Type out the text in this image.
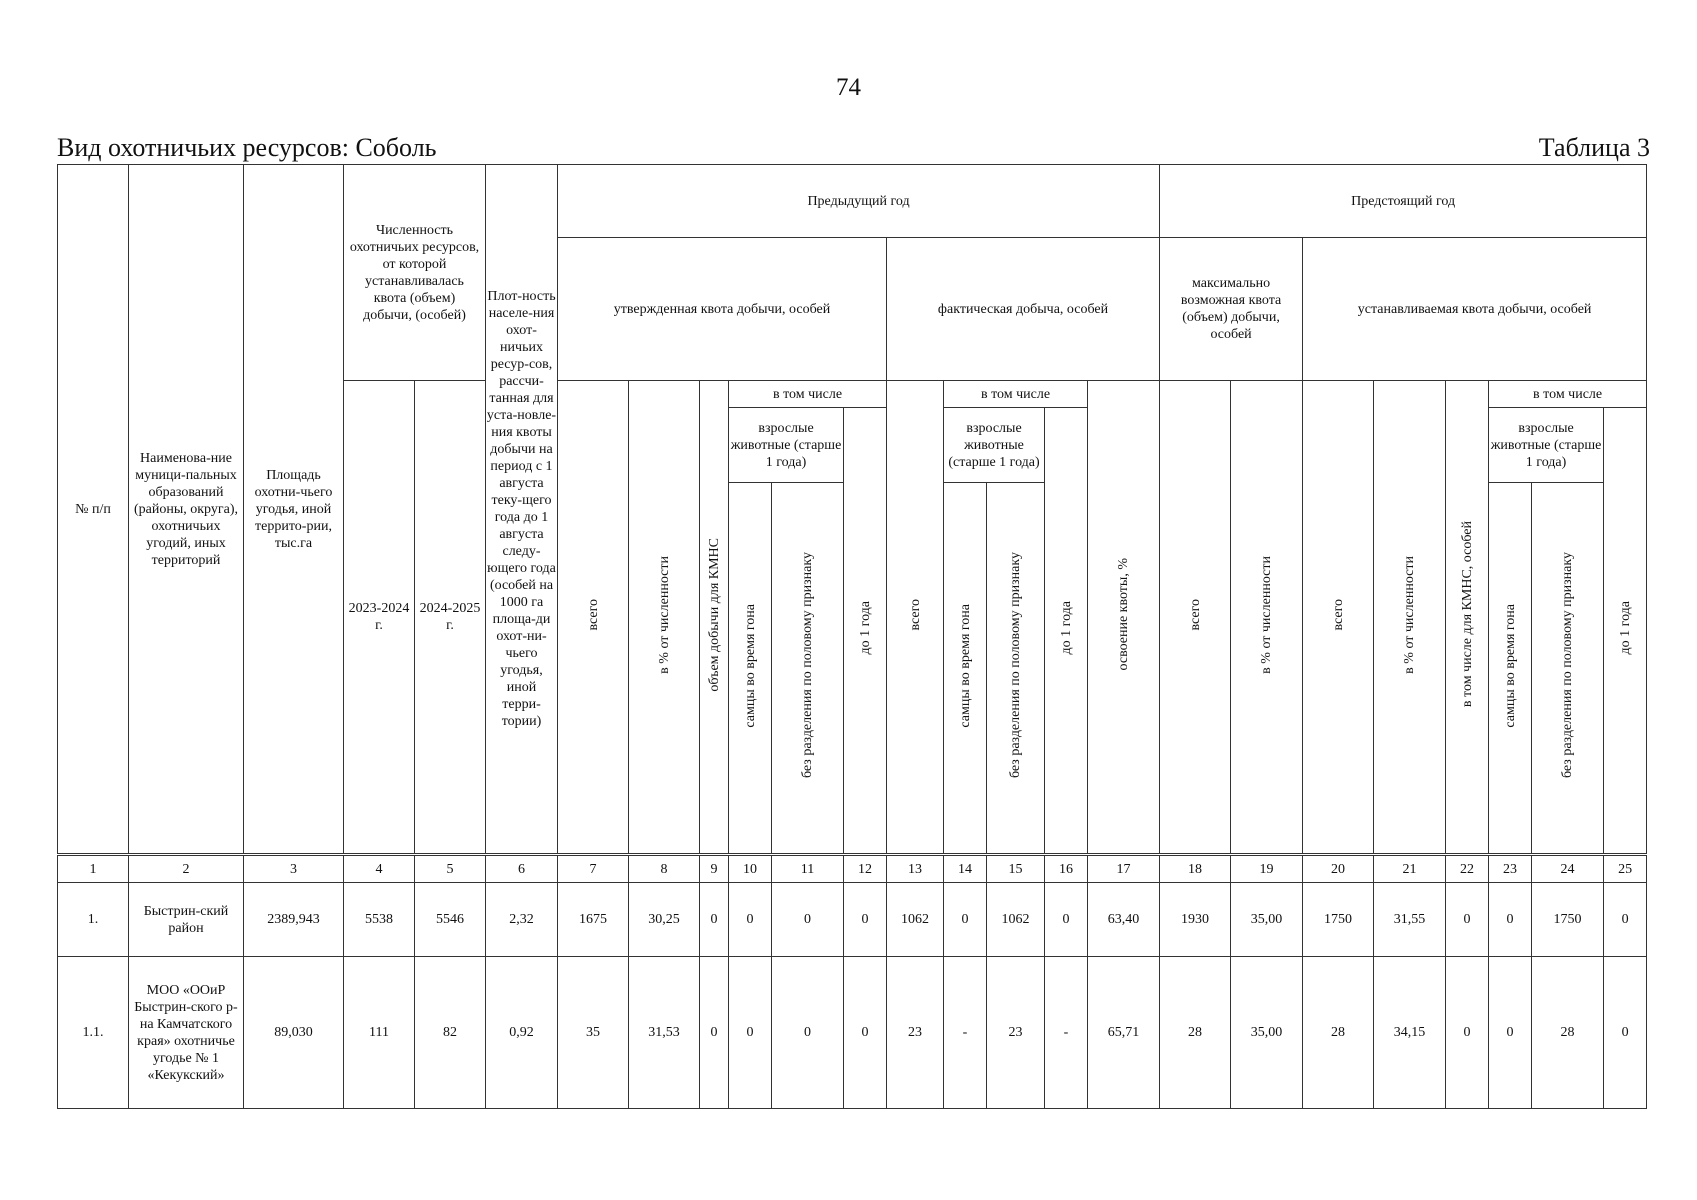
74
Вид охотничьих ресурсов: Соболь	Таблица 3
№ п/п	Наименова-ние муници-пальных образований (районы, округа), охотничьих угодий, иных территорий	Площадь охотни-чьего угодья, иной террито-рии, тыс.га	Численность охотничьих ресурсов, от которой устанавливалась квота (объем) добычи, (особей)		Плот-ность населе-ния охот-ничьих ресур-сов, рассчи-танная для уста-новле-ния квоты добычи на период с 1 августа теку-щего года до 1 августа следу-ющего года (особей на 1000 га площа-ди охот-ни-чьего угодья, иной терри-тории)	Предыдущий год											Предстоящий год							
						утвержденная квота добычи, особей						фактическая добыча, особей					максимально возможная квота (объем) добычи, особей		устанавливаемая квота добычи, особей					
			2023-2024 г.	2024-2025 г.		всего	в % от численности	объем добычи для КМНС	в том числе			всего	в том числе			освоение квоты, %	всего	в % от численности	всего	в % от численности	в том числе для КМНС, особей	в том числе		
									взрослые животные (старше 1 года)		до 1 года		взрослые животные (старше 1 года)		до 1 года							взрослые животные (старше 1 года)		до 1 года
									самцы во время гона	без разделения по половому признаку			самцы во время гона	без разделения по половому признаку								самцы во время гона	без разделения по половому признаку	

1	2	3	4	5	6	7	8	9	10	11	12	13	14	15	16	17	18	19	20	21	22	23	24	25
1.	Быстрин-ский район	2389,943	5538	5546	2,32	1675	30,25	0	0	0	0	1062	0	1062	0	63,40	1930	35,00	1750	31,55	0	0	1750	0
1.1.	МОО «ООиР Быстрин-ского р-на Камчатского края» охотничье угодье № 1 «Кекукский»	89,030	111	82	0,92	35	31,53	0	0	0	0	23	-	23	-	65,71	28	35,00	28	34,15	0	0	28	0
